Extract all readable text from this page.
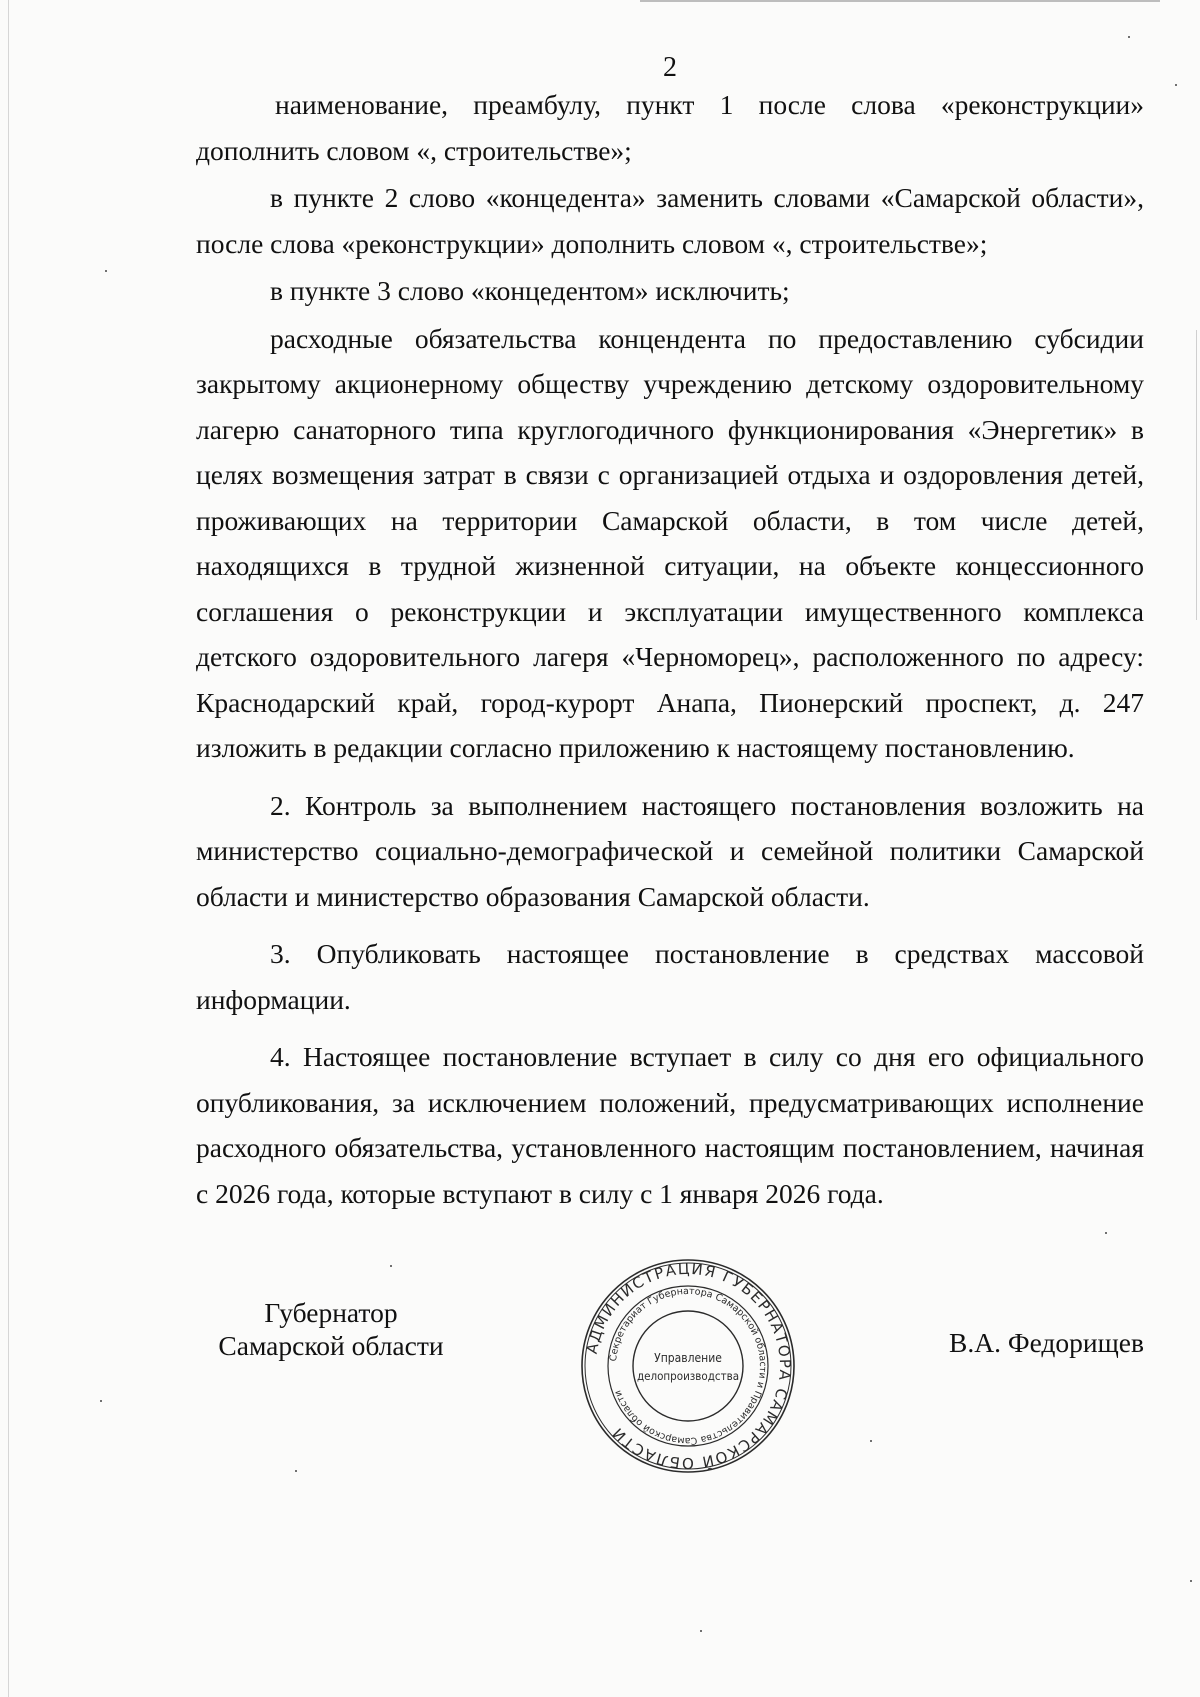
2

наименование, преамбулу, пункт 1 после слова «реконструкции» дополнить словом «, строительстве»;

в пункте 2 слово «концедента» заменить словами «Самарской области», после слова «реконструкции» дополнить словом «, строительстве»;

в пункте 3 слово «концедентом» исключить;

расходные обязательства концендента по предоставлению субсидии закрытому акционерному обществу учреждению детскому оздоровительному лагерю санаторного типа круглогодичного функционирования «Энергетик» в целях возмещения затрат в связи с организацией отдыха и оздоровления детей, проживающих на территории Самарской области, в том числе детей, находящихся в трудной жизненной ситуации, на объекте концессионного соглашения о реконструкции и эксплуатации имущественного комплекса детского оздоровительного лагеря «Черноморец», расположенного по адресу: Краснодарский край, город-курорт Анапа, Пионерский проспект, д. 247 изложить в редакции согласно приложению к настоящему постановлению.

2. Контроль за выполнением настоящего постановления возложить на министерство социально-демографической и семейной политики Самарской области и министерство образования Самарской области.

3. Опубликовать настоящее постановление в средствах массовой информации.

4. Настоящее постановление вступает в силу со дня его официального опубликования, за исключением положений, предусматривающих исполнение расходного обязательства, установленного настоящим постановлением, начиная с 2026 года, которые вступают в силу с 1 января 2026 года.

Губернатор
Самарской области	АДМИНИСТРАЦИЯ ГУБЕРНАТОРА САМАРСКОЙ ОБЛАСТИ
Секретариат Губернатора Самарской области и Правительства Самарской области
Управление
делопроизводства
В.А. Федорищев
